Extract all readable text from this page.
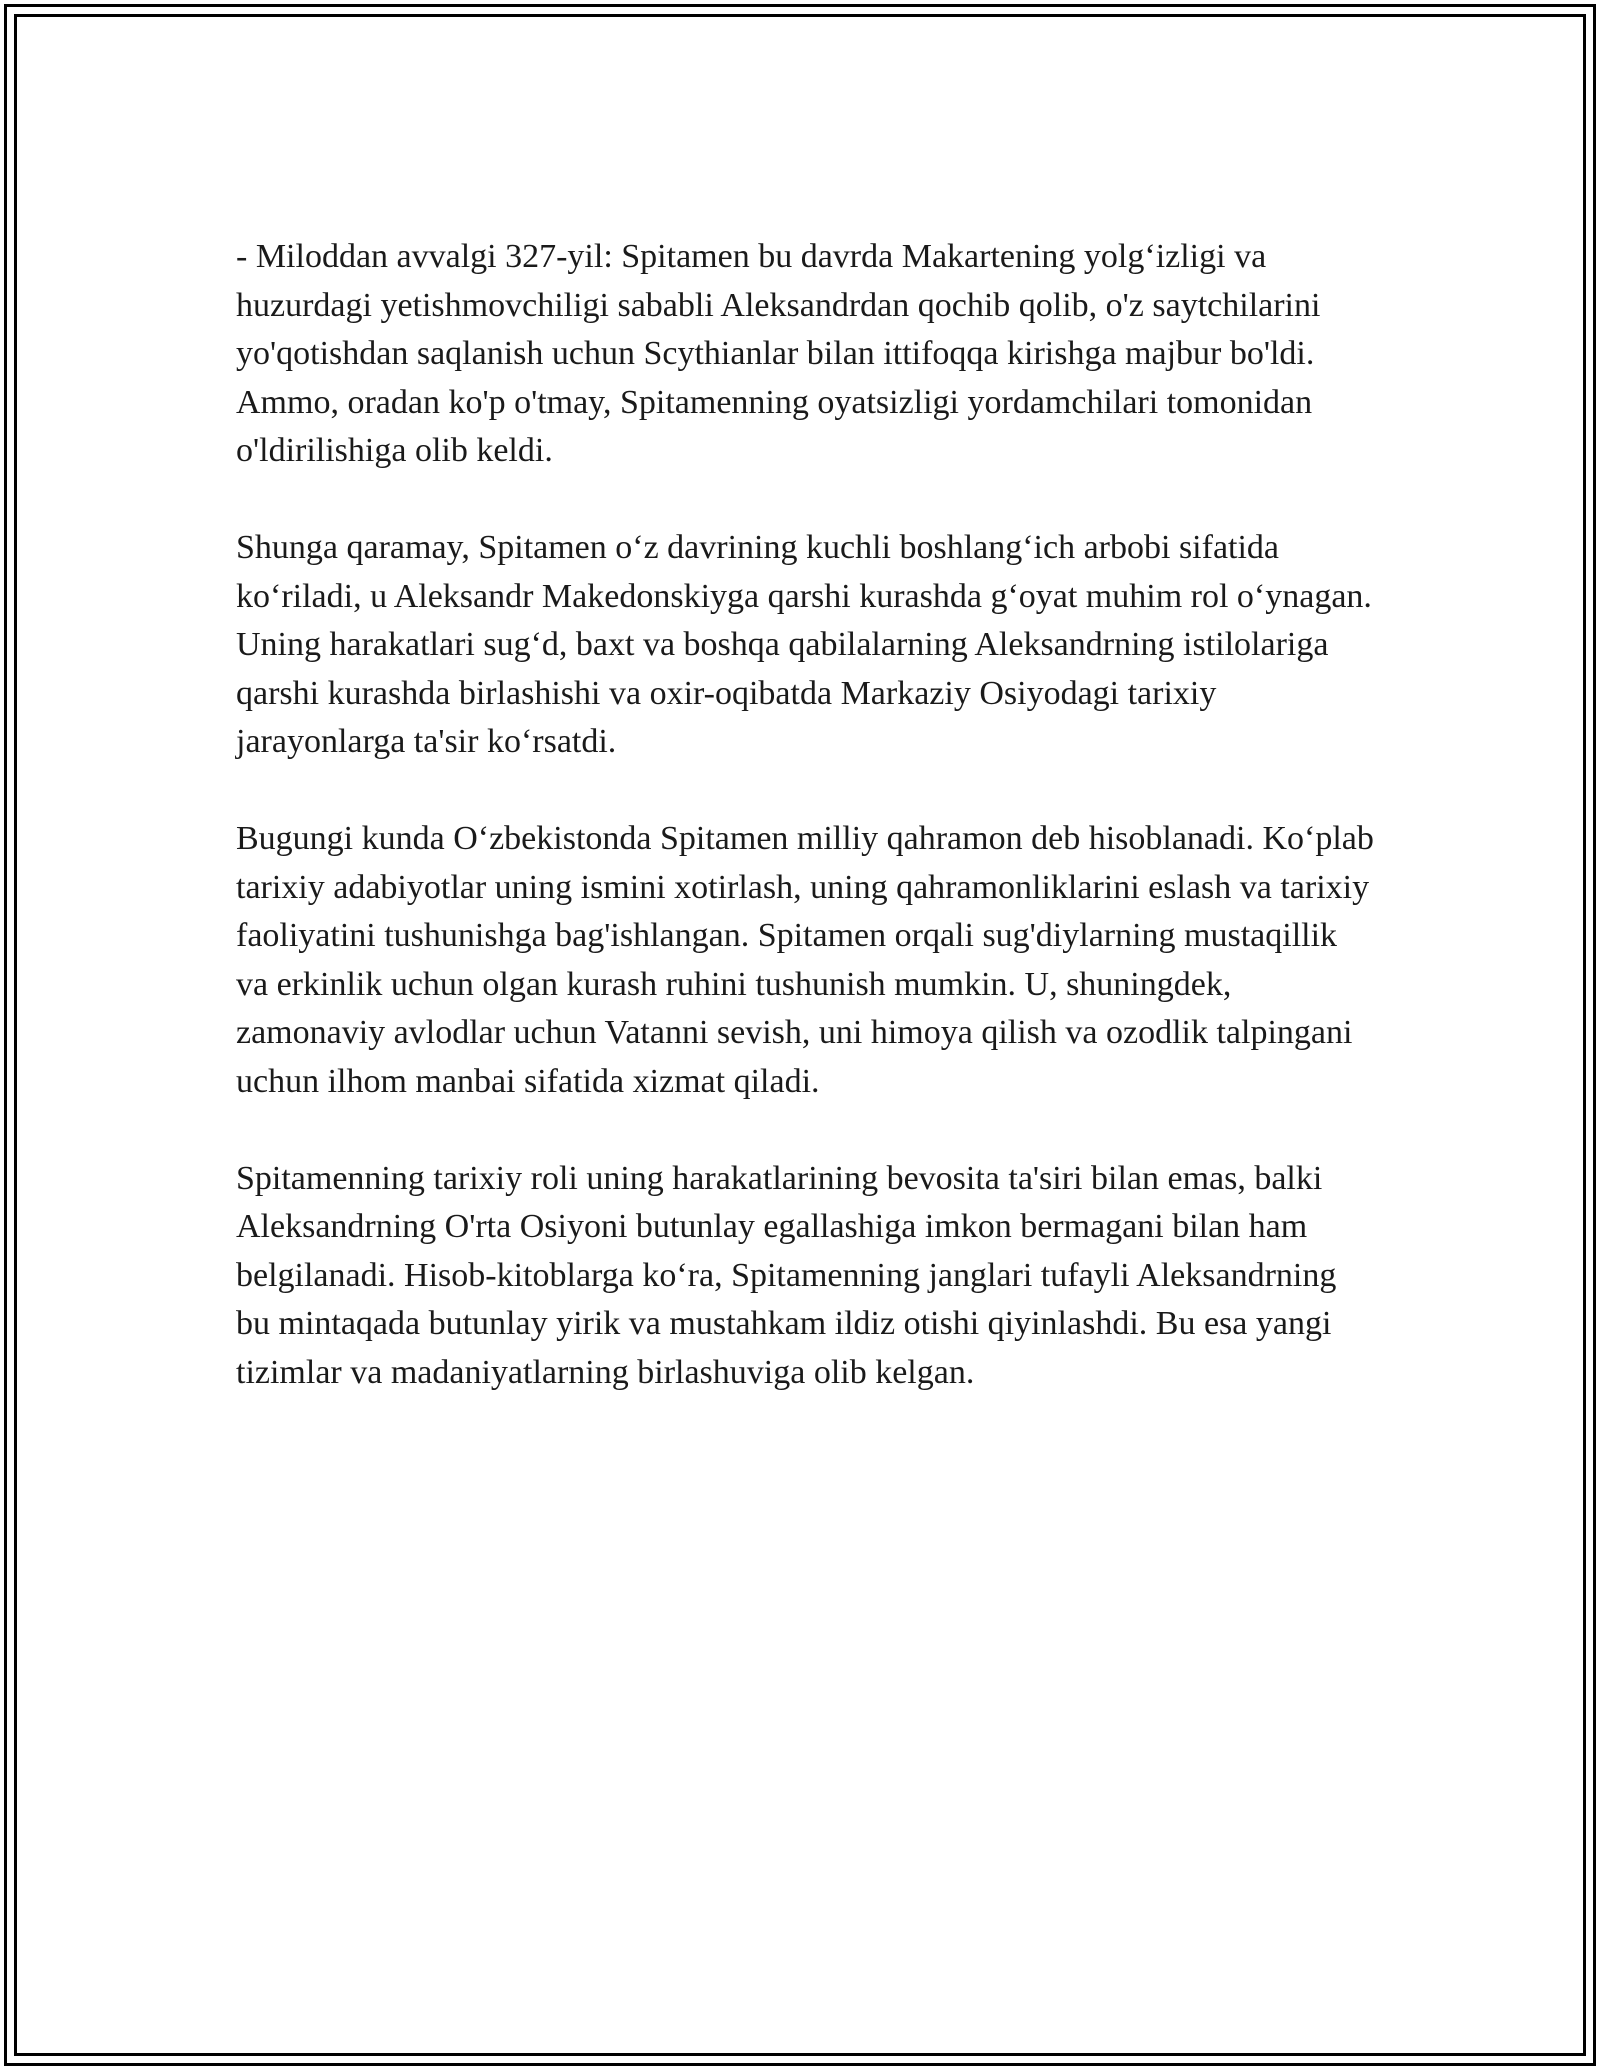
- Miloddan avvalgi 327-yil: Spitamen bu davrda Makartening yolg‘izligi va huzurdagi yetishmovchiligi sababli Aleksandrdan qochib qolib, o'z saytchilarini yo'qotishdan saqlanish uchun Scythianlar bilan ittifoqqa kirishga majbur bo'ldi. Ammo, oradan ko'p o'tmay, Spitamenning oyatsizligi yordamchilari tomonidan o'ldirilishiga olib keldi.

Shunga qaramay, Spitamen o‘z davrining kuchli boshlang‘ich arbobi sifatida ko‘riladi, u Aleksandr Makedonskiyga qarshi kurashda g‘oyat muhim rol o‘ynagan. Uning harakatlari sug‘d, baxt va boshqa qabilalarning Aleksandrning istilolariga qarshi kurashda birlashishi va oxir-oqibatda Markaziy Osiyodagi tarixiy jarayonlarga ta'sir ko‘rsatdi.

Bugungi kunda O‘zbekistonda Spitamen milliy qahramon deb hisoblanadi. Ko‘plab tarixiy adabiyotlar uning ismini xotirlash, uning qahramonliklarini eslash va tarixiy faoliyatini tushunishga bag'ishlangan. Spitamen orqali sug'diylarning mustaqillik va erkinlik uchun olgan kurash ruhini tushunish mumkin. U, shuningdek, zamonaviy avlodlar uchun Vatanni sevish, uni himoya qilish va ozodlik talpingani uchun ilhom manbai sifatida xizmat qiladi.

Spitamenning tarixiy roli uning harakatlarining bevosita ta'siri bilan emas, balki Aleksandrning O'rta Osiyoni butunlay egallashiga imkon bermagani bilan ham belgilanadi. Hisob-kitoblarga ko‘ra, Spitamenning janglari tufayli Aleksandrning bu mintaqada butunlay yirik va mustahkam ildiz otishi qiyinlashdi. Bu esa yangi tizimlar va madaniyatlarning birlashuviga olib kelgan.
